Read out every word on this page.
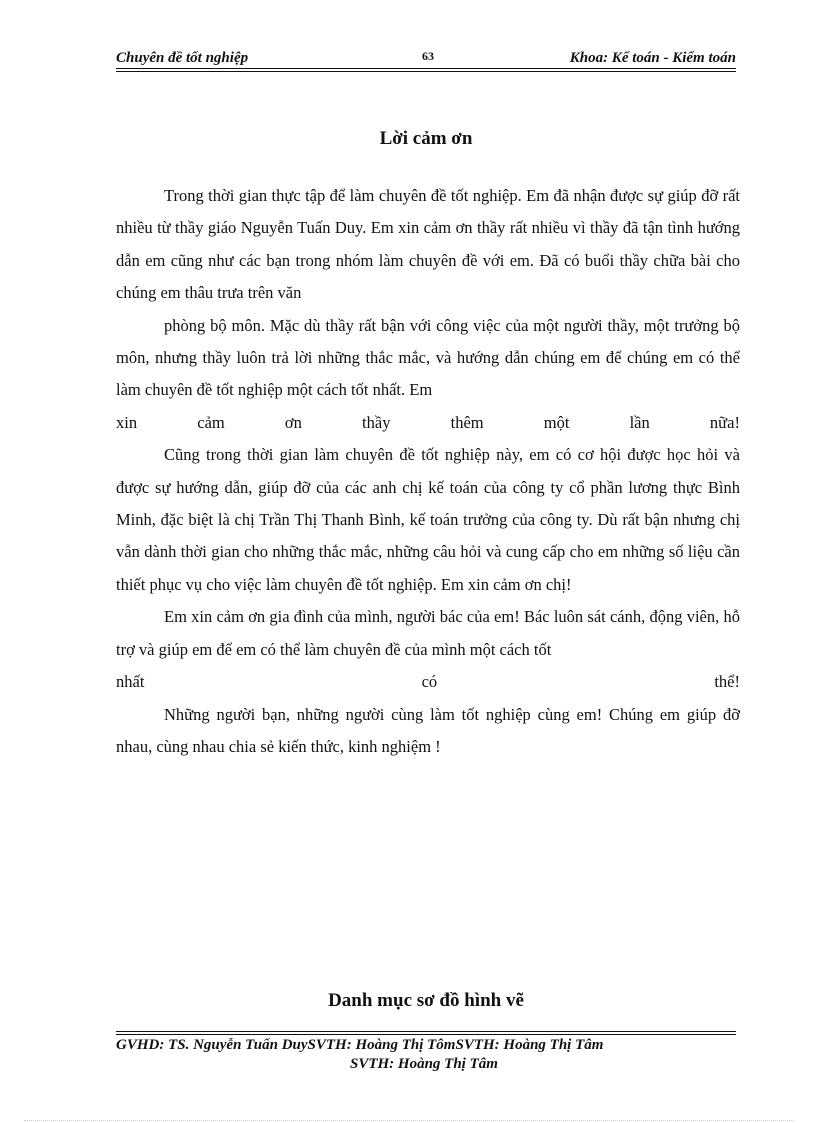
Chuyên đề tốt nghiệp	63	Khoa: Kế toán - Kiểm toán
Lời cảm ơn

Trong thời gian thực tập để làm chuyên đề tốt nghiệp. Em đã nhận được sự giúp đỡ rất nhiều từ thầy giáo Nguyễn Tuấn Duy. Em xin cảm ơn thầy rất nhiều vì thầy đã tận tình hướng dẫn em cũng như các bạn trong nhóm làm chuyên đề với em. Đã có buổi thầy chữa bài cho chúng em thâu trưa trên văn

phòng bộ môn. Mặc dù thầy rất bận với công việc của một người thầy, một trưởng bộ môn, nhưng thầy luôn trả lời những thắc mắc, và hướng dẫn chúng em để chúng em có thể làm chuyên đề tốt nghiệp một cách tốt nhất. Em

xin	cảm	ơn	thầy	thêm	một	lần	nữa!

Cũng trong thời gian làm chuyên đề tốt nghiệp này, em có cơ hội được học hỏi và được sự hướng dẫn, giúp đỡ của các anh chị kế toán của công ty cổ phần lương thực Bình Minh, đặc biệt là chị Trần Thị Thanh Bình, kế toán trưởng của công ty. Dù rất bận nhưng chị vẫn dành thời gian cho những thắc mắc, những câu hỏi và cung cấp cho em những số liệu cần thiết phục vụ cho việc làm chuyên đề tốt nghiệp. Em xin cảm ơn chị!

Em xin cảm ơn gia đình của mình, người bác của em! Bác luôn sát cánh, động viên, hỗ trợ và giúp em để em có thể làm chuyên đề của mình một cách tốt

nhất	có	thể!

Những người bạn, những người cùng làm tốt nghiệp cùng em! Chúng em giúp đỡ nhau, cùng nhau chia sẻ kiến thức, kinh nghiệm !

Danh mục sơ đồ hình vẽ
GVHD: TS. Nguyễn Tuấn DuySVTH: Hoàng Thị TômSVTH: Hoàng Thị Tâm
SVTH: Hoàng Thị Tâm
